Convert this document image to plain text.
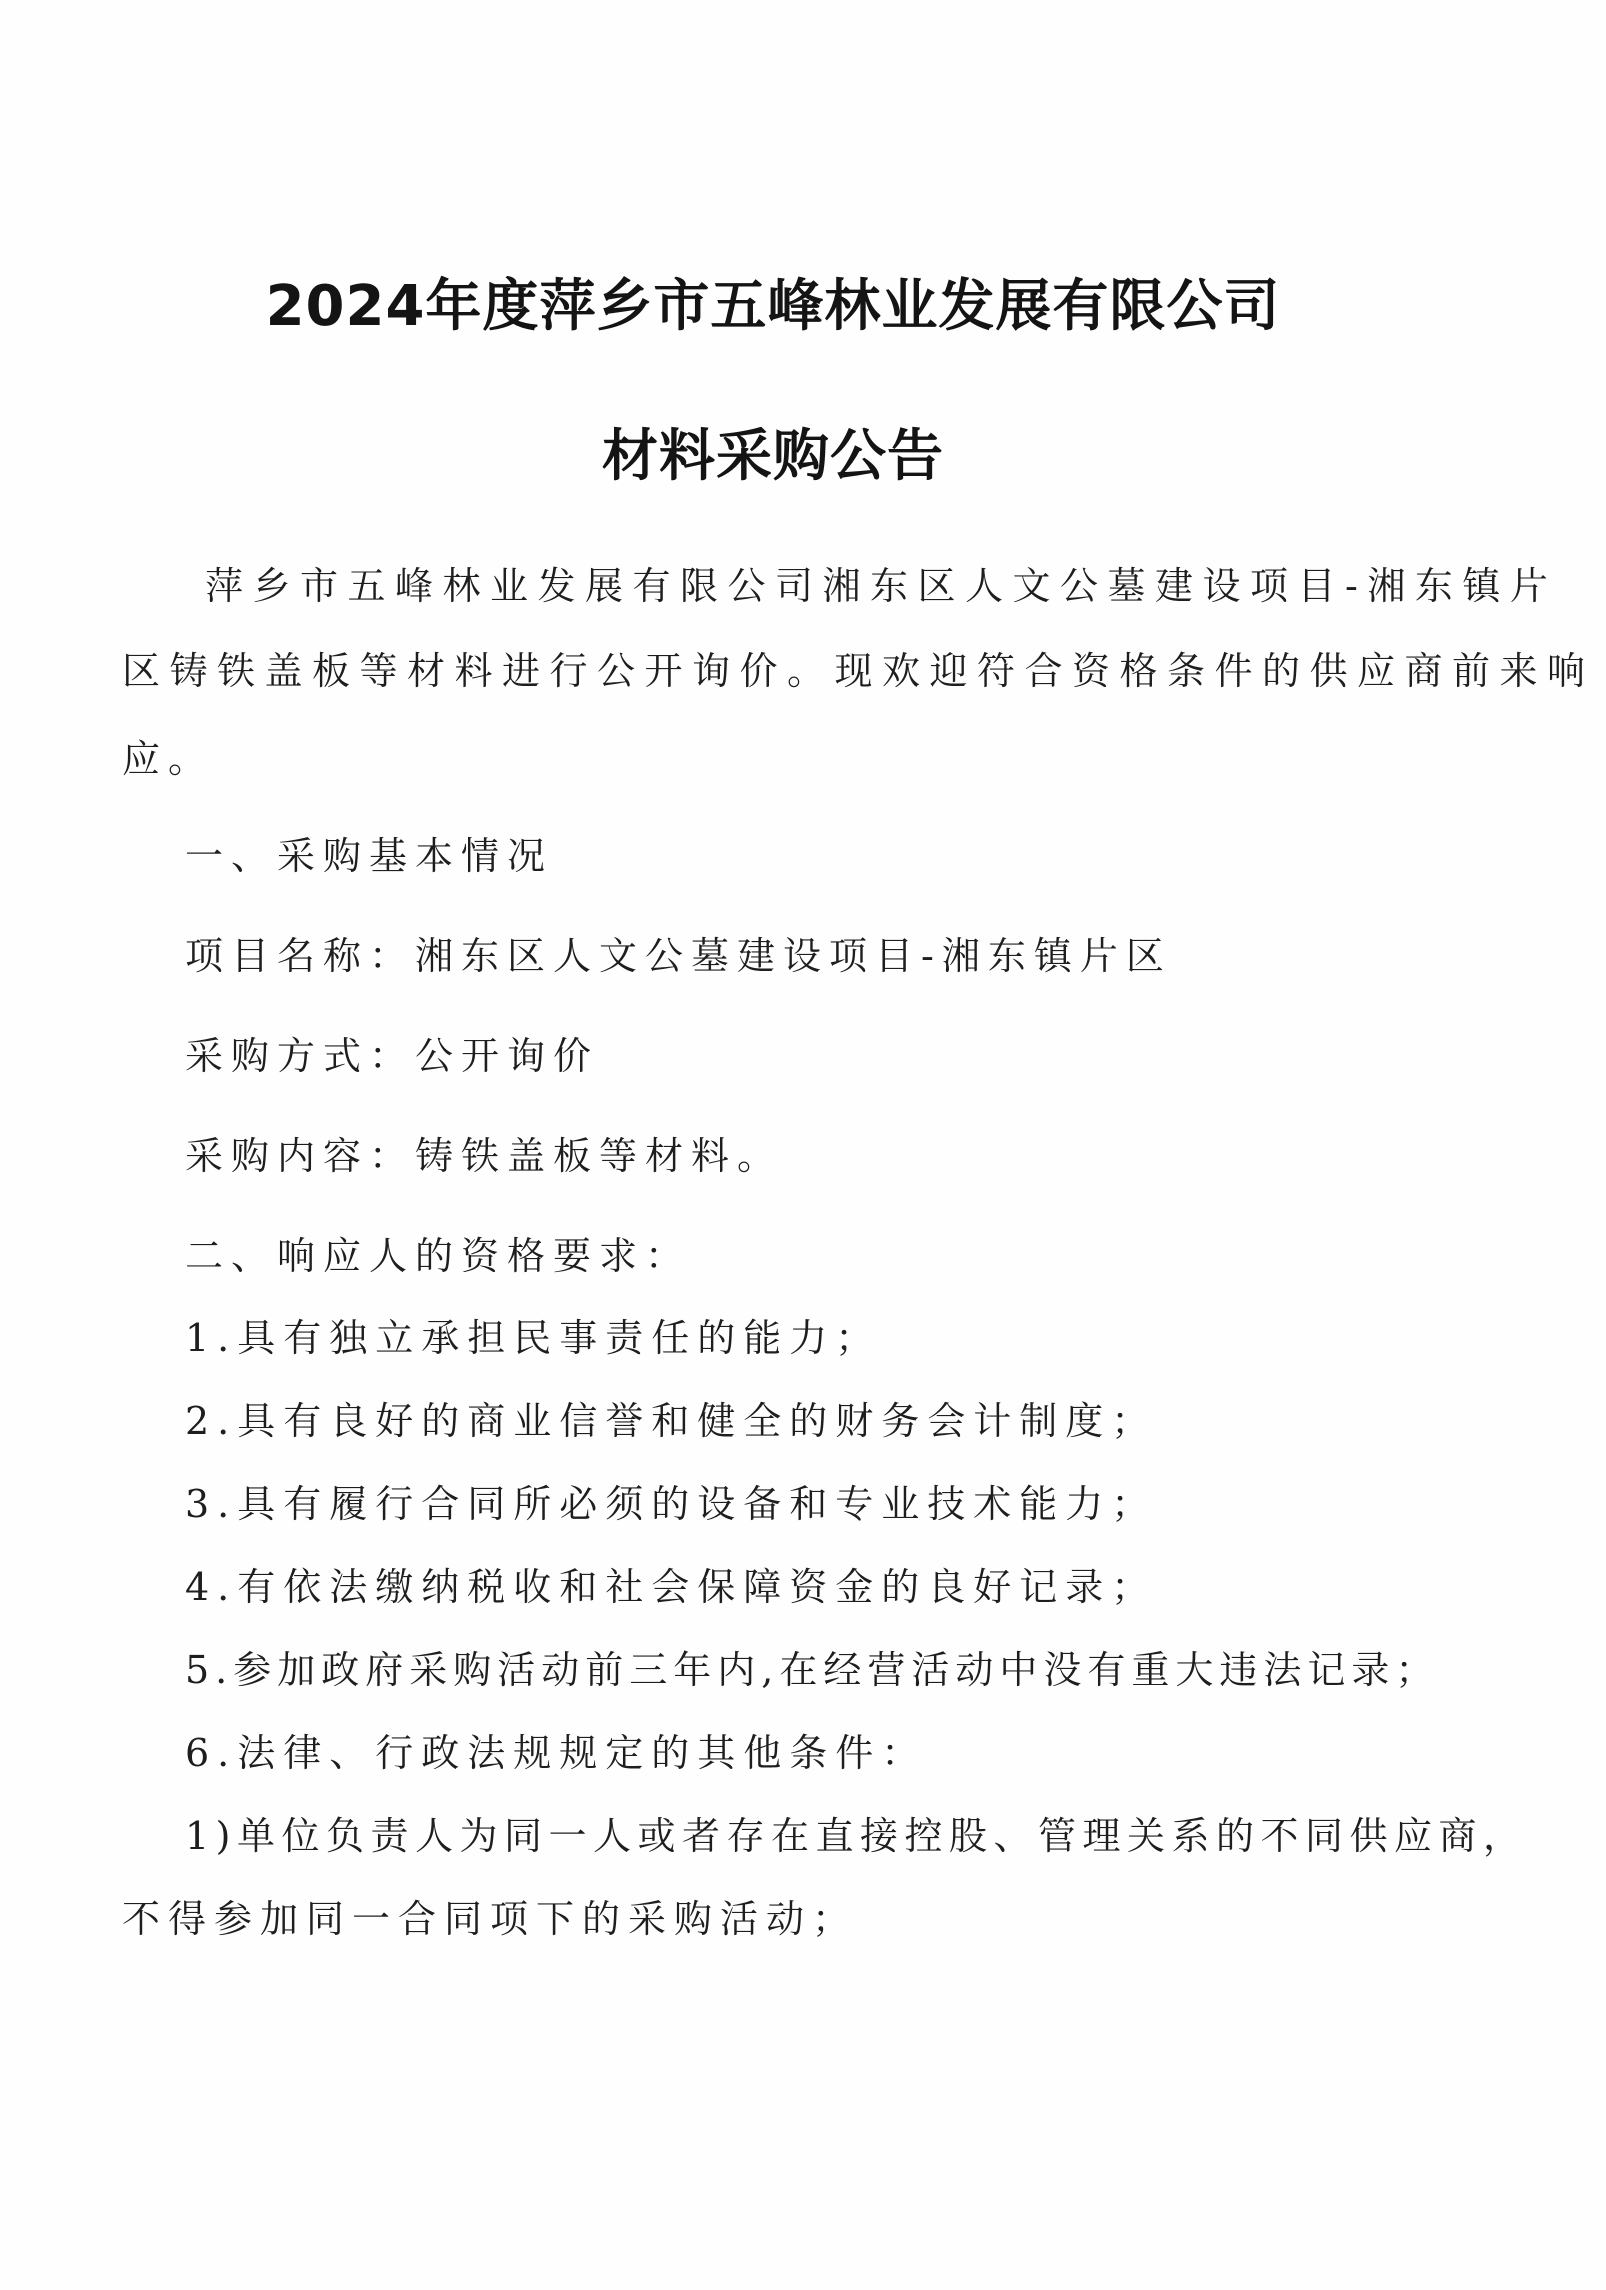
2024年度萍乡市五峰林业发展有限公司
材料采购公告
萍乡市五峰林业发展有限公司湘东区人文公墓建设项目-湘东镇片
区铸铁盖板等材料进行公开询价。现欢迎符合资格条件的供应商前来响
应。
一、采购基本情况
项目名称：湘东区人文公墓建设项目-湘东镇片区
采购方式：公开询价
采购内容：铸铁盖板等材料。
二、响应人的资格要求：
1.具有独立承担民事责任的能力；
2.具有良好的商业信誉和健全的财务会计制度；
3.具有履行合同所必须的设备和专业技术能力；
4.有依法缴纳税收和社会保障资金的良好记录；
5.参加政府采购活动前三年内,在经营活动中没有重大违法记录；
6.法律、行政法规规定的其他条件：
1)单位负责人为同一人或者存在直接控股、管理关系的不同供应商，
不得参加同一合同项下的采购活动；
